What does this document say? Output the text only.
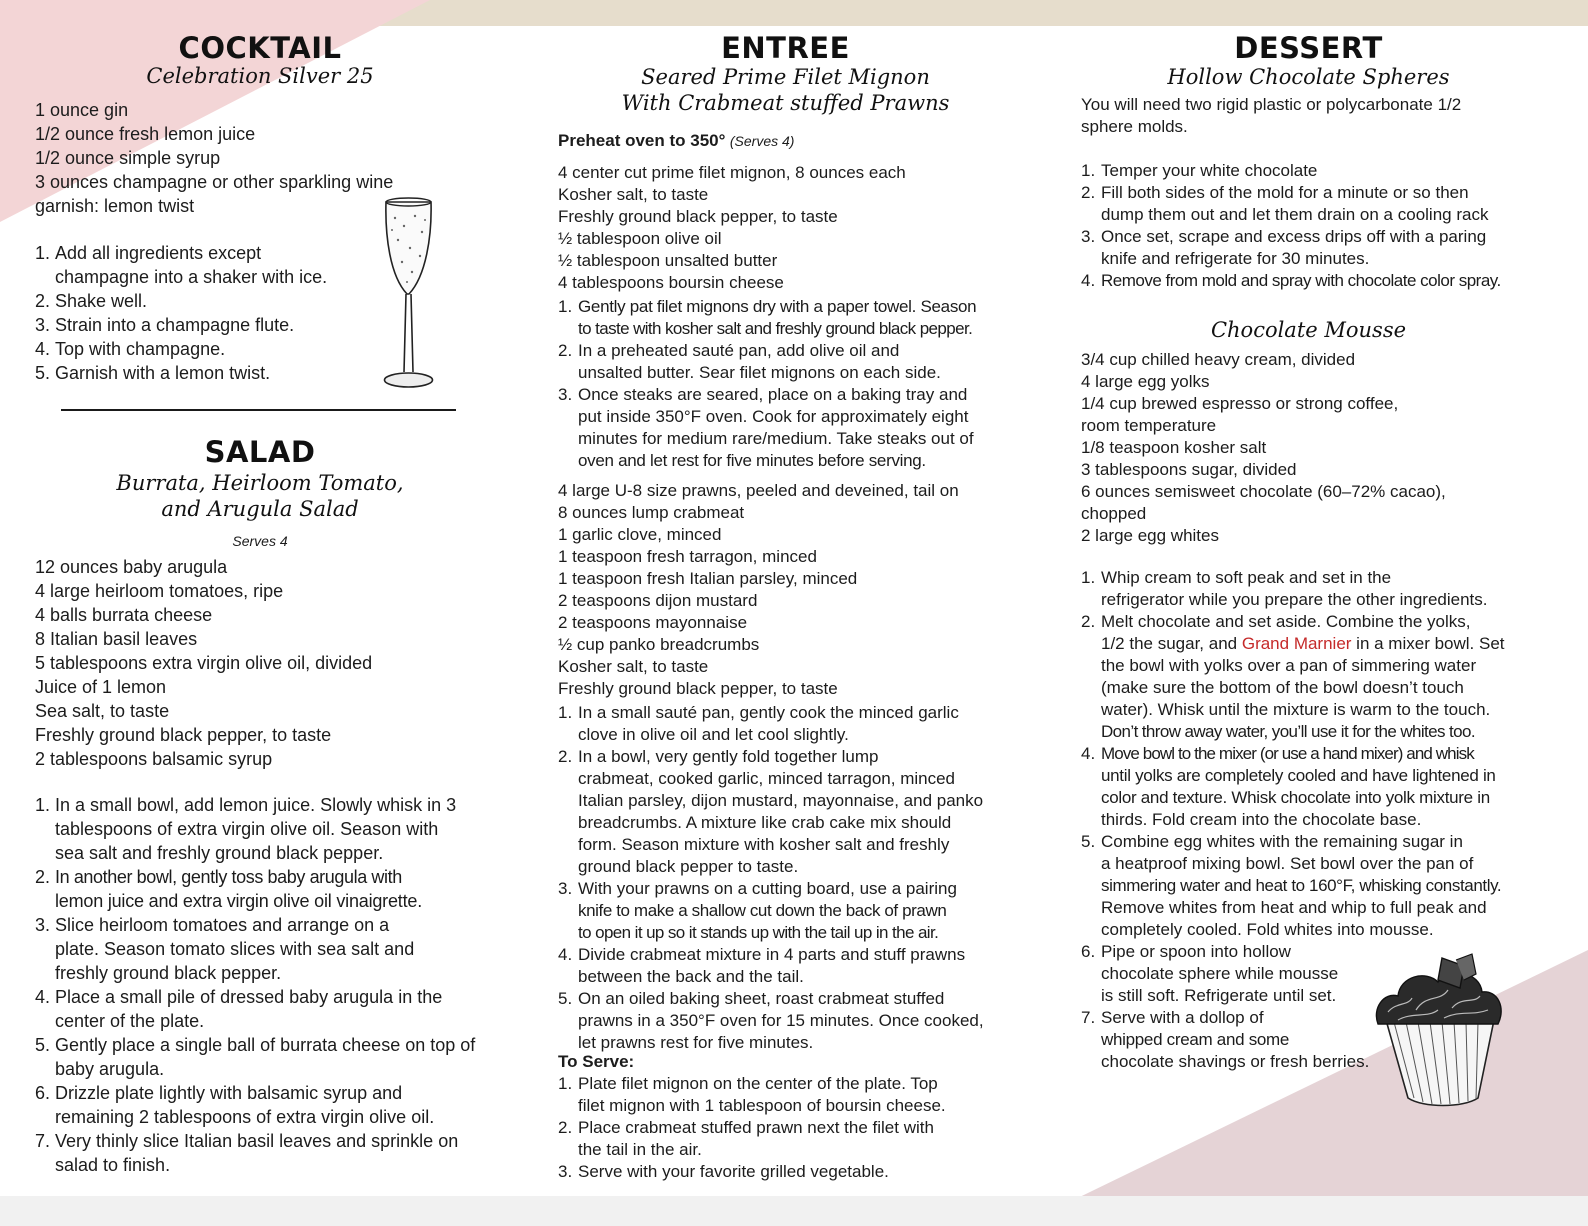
COCKTAIL
Celebration Silver 25
1 ounce gin
1/2 ounce fresh lemon juice
1/2 ounce simple syrup
3 ounces champagne or other sparkling wine
garnish: lemon twist
1. Add all ingredients except
champagne into a shaker with ice.
2. Shake well.
3. Strain into a champagne flute.
4. Top with champagne.
5. Garnish with a lemon twist.
SALAD
Burrata, Heirloom Tomato,
and Arugula Salad
Serves 4
12 ounces baby arugula
4 large heirloom tomatoes, ripe
4 balls burrata cheese
8 Italian basil leaves
5 tablespoons extra virgin olive oil, divided
Juice of 1 lemon
Sea salt, to taste
Freshly ground black pepper, to taste
2 tablespoons balsamic syrup
1. In a small bowl, add lemon juice. Slowly whisk in 3
tablespoons of extra virgin olive oil. Season with
sea salt and freshly ground black pepper.
2. In another bowl, gently toss baby arugula with
lemon juice and extra virgin olive oil vinaigrette.
3. Slice heirloom tomatoes and arrange on a
plate. Season tomato slices with sea salt and
freshly ground black pepper.
4. Place a small pile of dressed baby arugula in the
center of the plate.
5. Gently place a single ball of burrata cheese on top of
baby arugula.
6. Drizzle plate lightly with balsamic syrup and
remaining 2 tablespoons of extra virgin olive oil.
7. Very thinly slice Italian basil leaves and sprinkle on
salad to finish.
ENTREE
Seared Prime Filet Mignon
With Crabmeat stuffed Prawns
Preheat oven to 350° (Serves 4)
4 center cut prime filet mignon, 8 ounces each
Kosher salt, to taste
Freshly ground black pepper, to taste
½ tablespoon olive oil
½ tablespoon unsalted butter
4 tablespoons boursin cheese
1. Gently pat filet mignons dry with a paper towel. Season
to taste with kosher salt and freshly ground black pepper.
2. In a preheated sauté pan, add olive oil and
unsalted butter. Sear filet mignons on each side.
3. Once steaks are seared, place on a baking tray and
put inside 350°F oven. Cook for approximately eight
minutes for medium rare/medium. Take steaks out of
oven and let rest for five minutes before serving.
4 large U-8 size prawns, peeled and deveined, tail on
8 ounces lump crabmeat
1 garlic clove, minced
1 teaspoon fresh tarragon, minced
1 teaspoon fresh Italian parsley, minced
2 teaspoons dijon mustard
2 teaspoons mayonnaise
½ cup panko breadcrumbs
Kosher salt, to taste
Freshly ground black pepper, to taste
1. In a small sauté pan, gently cook the minced garlic
clove in olive oil and let cool slightly.
2. In a bowl, very gently fold together lump
crabmeat, cooked garlic, minced tarragon, minced
Italian parsley, dijon mustard, mayonnaise, and panko
breadcrumbs. A mixture like crab cake mix should
form. Season mixture with kosher salt and freshly
ground black pepper to taste.
3. With your prawns on a cutting board, use a pairing
knife to make a shallow cut down the back of prawn
to open it up so it stands up with the tail up in the air.
4. Divide crabmeat mixture in 4 parts and stuff prawns
between the back and the tail.
5. On an oiled baking sheet, roast crabmeat stuffed
prawns in a 350°F oven for 15 minutes. Once cooked,
let prawns rest for five minutes.
To Serve:
1. Plate filet mignon on the center of the plate. Top
filet mignon with 1 tablespoon of boursin cheese.
2. Place crabmeat stuffed prawn next the filet with
the tail in the air.
3. Serve with your favorite grilled vegetable.
DESSERT
Hollow Chocolate Spheres
You will need two rigid plastic or polycarbonate 1/2
sphere molds.
1. Temper your white chocolate
2. Fill both sides of the mold for a minute or so then
dump them out and let them drain on a cooling rack
3. Once set, scrape and excess drips off with a paring
knife and refrigerate for 30 minutes.
4. Remove from mold and spray with chocolate color spray.
Chocolate Mousse
3/4 cup chilled heavy cream, divided
4 large egg yolks
1/4 cup brewed espresso or strong coffee,
room temperature
1/8 teaspoon kosher salt
3 tablespoons sugar, divided
6 ounces semisweet chocolate (60–72% cacao),
chopped
2 large egg whites
1. Whip cream to soft peak and set in the
refrigerator while you prepare the other ingredients.
2. Melt chocolate and set aside. Combine the yolks,
1/2 the sugar, and Grand Marnier in a mixer bowl. Set
the bowl with yolks over a pan of simmering water
(make sure the bottom of the bowl doesn’t touch
water). Whisk until the mixture is warm to the touch.
Don’t throw away water, you’ll use it for the whites too.
4. Move bowl to the mixer (or use a hand mixer) and whisk
until yolks are completely cooled and have lightened in
color and texture. Whisk chocolate into yolk mixture in
thirds. Fold cream into the chocolate base.
5. Combine egg whites with the remaining sugar in
a heatproof mixing bowl. Set bowl over the pan of
simmering water and heat to 160°F, whisking constantly.
Remove whites from heat and whip to full peak and
completely cooled. Fold whites into mousse.
6. Pipe or spoon into hollow
chocolate sphere while mousse
is still soft. Refrigerate until set.
7. Serve with a dollop of
whipped cream and some
chocolate shavings or fresh berries.
